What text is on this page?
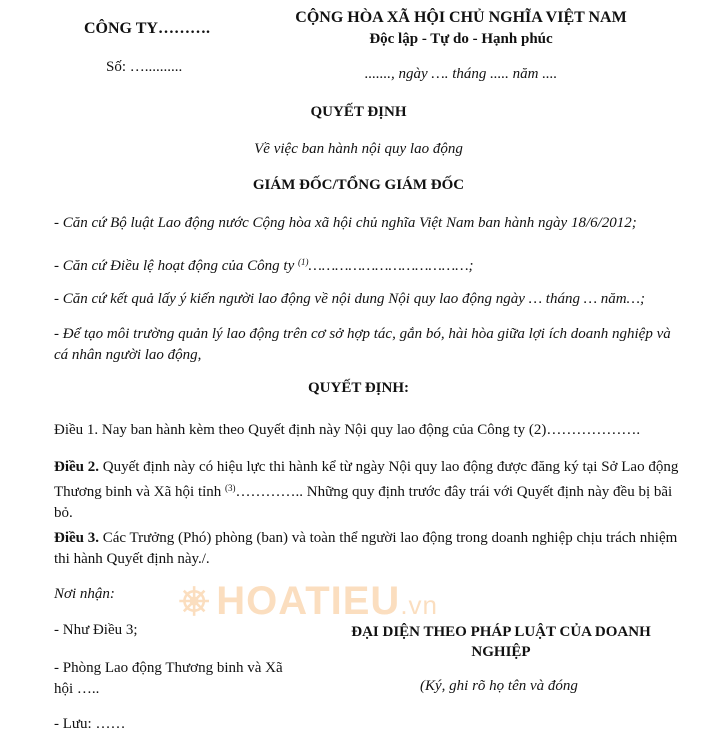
CÔNG TY……….
Số: …..........
CỘNG HÒA XÃ HỘI CHỦ NGHĨA VIỆT NAM
Độc lập - Tự do - Hạnh phúc
......., ngày …. tháng ..... năm ....
QUYẾT ĐỊNH
Về việc ban hành nội quy lao động
GIÁM ĐỐC/TỔNG GIÁM ĐỐC
- Căn cứ Bộ luật Lao động nước Cộng hòa xã hội chủ nghĩa Việt Nam ban hành ngày 18/6/2012;
- Căn cứ Điều lệ hoạt động của Công ty $^{(1)}$………………………………;
- Căn cứ kết quả lấy ý kiến người lao động về nội dung Nội quy lao động ngày … tháng … năm…;
- Để tạo môi trường quản lý lao động trên cơ sở hợp tác, gắn bó, hài hòa giữa lợi ích doanh nghiệp và cá nhân người lao động,
QUYẾT ĐỊNH:
Điều 1. Nay ban hành kèm theo Quyết định này Nội quy lao động của Công ty (2)……………….
Điều 2. Quyết định này có hiệu lực thi hành kể từ ngày Nội quy lao động được đăng ký tại Sở Lao động Thương binh và Xã hội tỉnh $^{(3)}$………….. Những quy định trước đây trái với Quyết định này đều bị bãi bỏ.
Điều 3. Các Trưởng (Phó) phòng (ban) và toàn thể người lao động trong doanh nghiệp chịu trách nhiệm thi hành Quyết định này./.
Nơi nhận:
- Như Điều 3;
- Phòng Lao động Thương binh và Xã hội …..
- Lưu: ……
ĐẠI DIỆN THEO PHÁP LUẬT CỦA DOANH NGHIỆP
(Ký, ghi rõ họ tên và đóng
HOATIEU.vn
